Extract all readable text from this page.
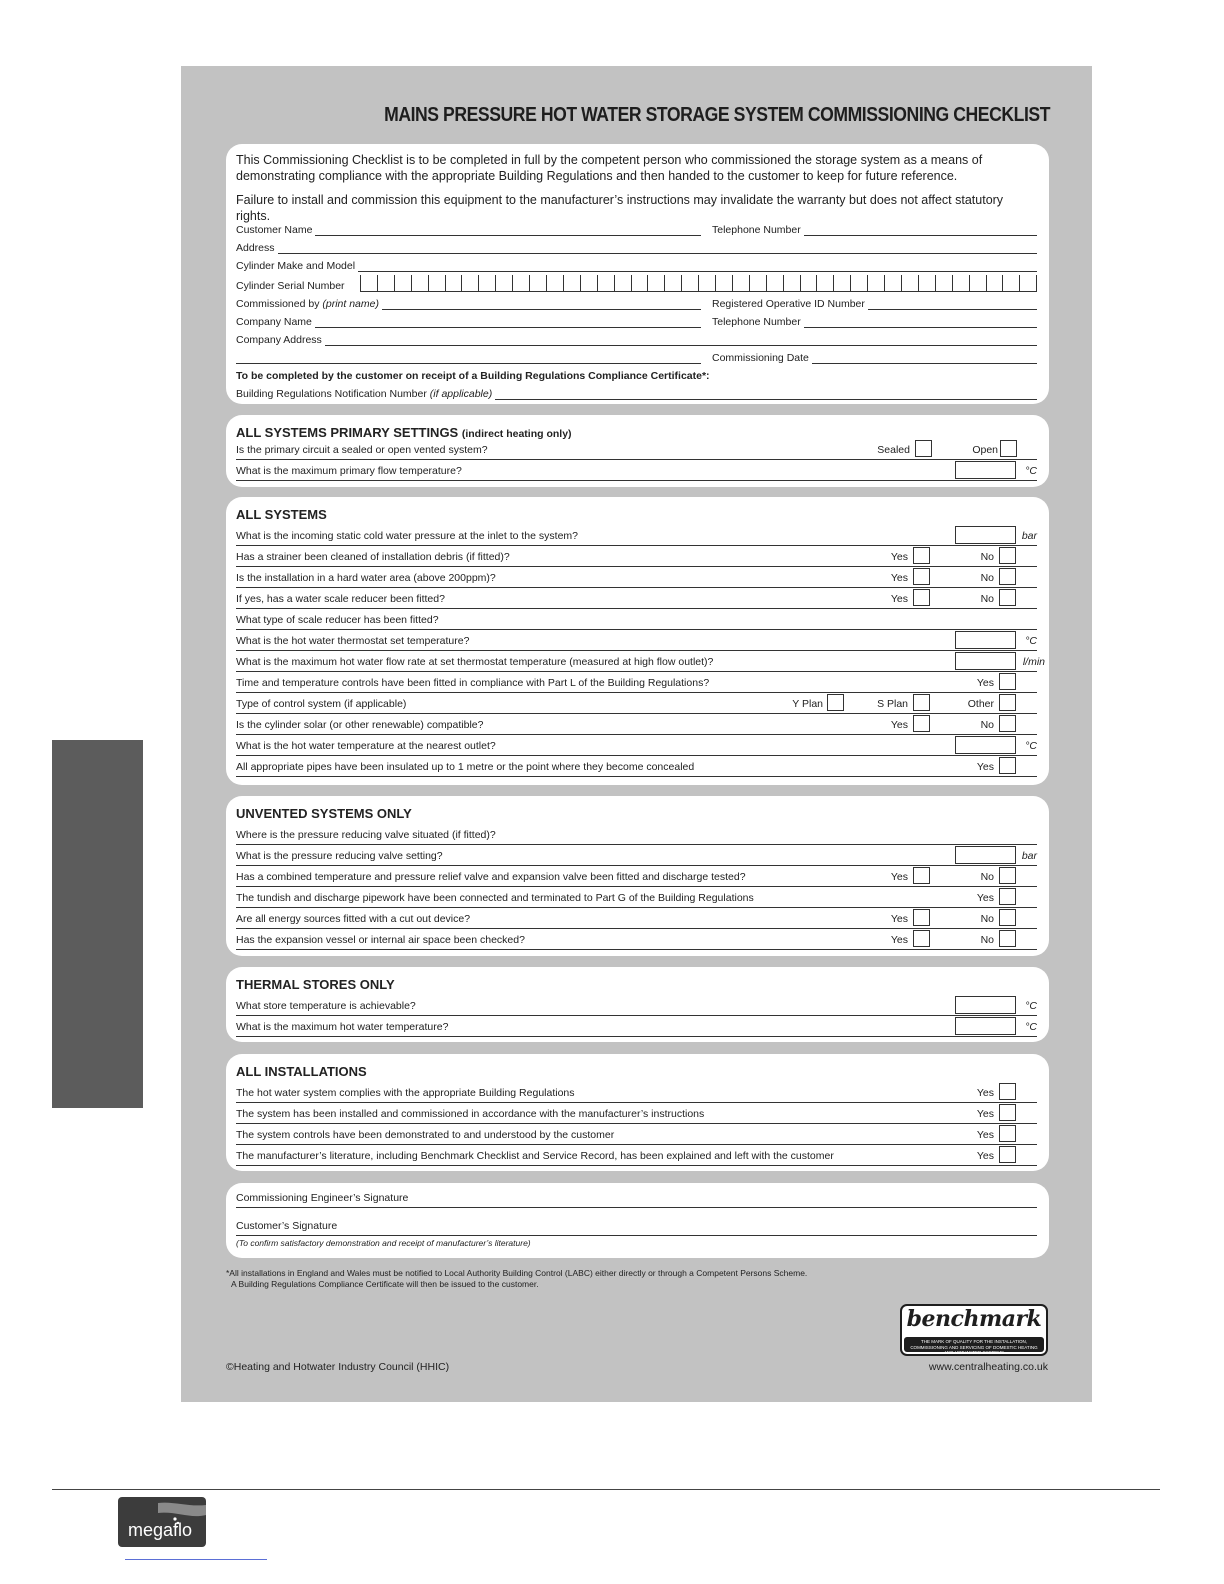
MAINS PRESSURE HOT WATER STORAGE SYSTEM COMMISSIONING CHECKLIST
This Commissioning Checklist is to be completed in full by the competent person who commissioned the storage system as a means of demonstrating compliance with the appropriate Building Regulations and then handed to the customer to keep for future reference.
Failure to install and commission this equipment to the manufacturer’s instructions may invalidate the warranty but does not affect statutory rights.
Customer Name	Telephone Number
Address
Cylinder Make and Model
Cylinder Serial Number
Commissioned by (print name)	Registered Operative ID Number
Company Name	Telephone Number
Company Address
Commissioning Date
To be completed by the customer on receipt of a Building Regulations Compliance Certificate*:
Building Regulations Notification Number (if applicable)
ALL SYSTEMS PRIMARY SETTINGS (indirect heating only)
Is the primary circuit a sealed or open vented system?	Sealed	Open
What is the maximum primary flow temperature?	°C
ALL SYSTEMS
What is the incoming static cold water pressure at the inlet to the system?	bar
Has a strainer been cleaned of installation debris (if fitted)?	Yes	No
Is the installation in a hard water area (above 200ppm)?	Yes	No
If yes, has a water scale reducer been fitted?	Yes	No
What type of scale reducer has been fitted?
What is the hot water thermostat set temperature?	°C
What is the maximum hot water flow rate at set thermostat temperature (measured at high flow outlet)?	l/min
Time and temperature controls have been fitted in compliance with Part L of the Building Regulations?	Yes
Type of control system (if applicable)	Y Plan	S Plan	Other
Is the cylinder solar (or other renewable) compatible?	Yes	No
What is the hot water temperature at the nearest outlet?	°C
All appropriate pipes have been insulated up to 1 metre or the point where they become concealed	Yes
UNVENTED SYSTEMS ONLY
Where is the pressure reducing valve situated (if fitted)?
What is the pressure reducing valve setting?	bar
Has a combined temperature and pressure relief valve and expansion valve been fitted and discharge tested?	Yes	No
The tundish and discharge pipework have been connected and terminated to Part G of the Building Regulations	Yes
Are all energy sources fitted with a cut out device?	Yes	No
Has the expansion vessel or internal air space been checked?	Yes	No
THERMAL STORES ONLY
What store temperature is achievable?	°C
What is the maximum hot water temperature?	°C
ALL INSTALLATIONS
The hot water system complies with the appropriate Building Regulations	Yes
The system has been installed and commissioned in accordance with the manufacturer’s instructions	Yes
The system controls have been demonstrated to and understood by the customer	Yes
The manufacturer’s literature, including Benchmark Checklist and Service Record, has been explained and left with the customer	Yes
Commissioning Engineer’s Signature
Customer’s Signature
(To confirm satisfactory demonstration and receipt of manufacturer’s literature)
*All installations in England and Wales must be notified to Local Authority Building Control (LABC) either directly or through a Competent Persons Scheme.
A Building Regulations Compliance Certificate will then be issued to the customer.
benchmark
THE MARK OF QUALITY FOR THE INSTALLATION, COMMISSIONING AND SERVICING OF DOMESTIC HEATING AND HOT WATER SYSTEMS
©Heating and Hotwater Industry Council (HHIC)	www.centralheating.co.uk
megaflo
